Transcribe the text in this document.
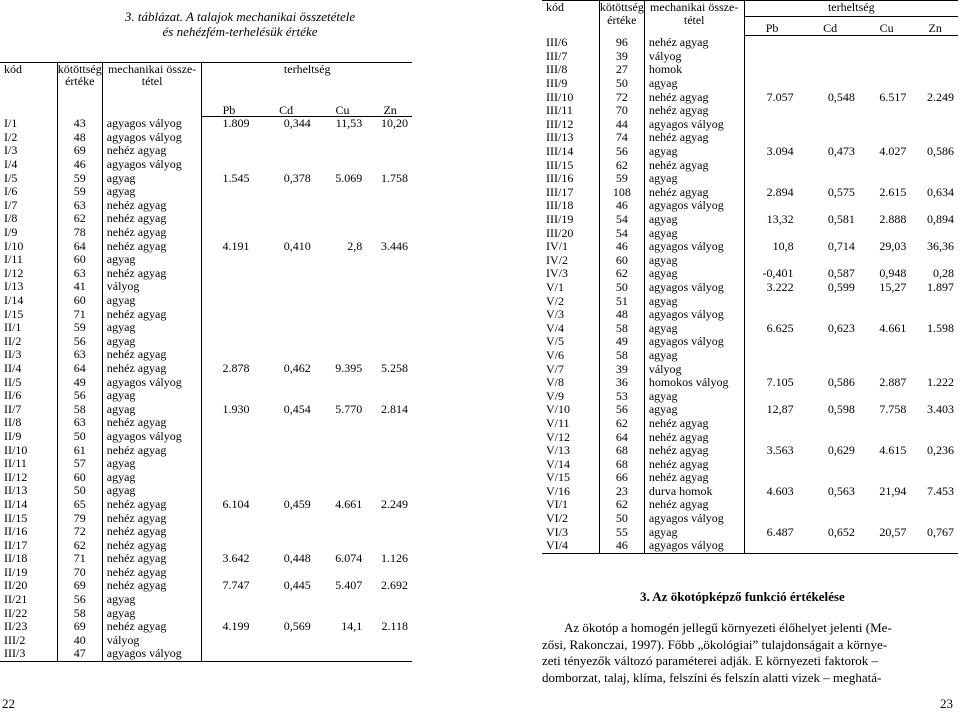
3. táblázat. A talajok mechanikai összetétele
és nehézfém-terhelésük értéke
kód	kötöttség
értéke	mechanikai össze-
tétel	terheltség			
			Pb	Cd	Cu	Zn
I/1	43	agyagos vályog	1.809	0,344	11,53	10,20
I/2	48	agyagos vályog				
I/3	69	nehéz agyag				
I/4	46	agyagos vályog				
I/5	59	agyag	1.545	0,378	5.069	1.758
I/6	59	agyag				
I/7	63	nehéz agyag				
I/8	62	nehéz agyag				
I/9	78	nehéz agyag				
I/10	64	nehéz agyag	4.191	0,410	2,8	3.446
I/11	60	agyag				
I/12	63	nehéz agyag				
I/13	41	vályog				
I/14	60	agyag				
I/15	71	nehéz agyag				
II/1	59	agyag				
II/2	56	agyag				
II/3	63	nehéz agyag				
II/4	64	nehéz agyag	2.878	0,462	9.395	5.258
II/5	49	agyagos vályog				
II/6	56	agyag				
II/7	58	agyag	1.930	0,454	5.770	2.814
II/8	63	nehéz agyag				
II/9	50	agyagos vályog				
II/10	61	nehéz agyag				
II/11	57	agyag				
II/12	60	agyag				
II/13	50	agyag				
II/14	65	nehéz agyag	6.104	0,459	4.661	2.249
II/15	79	nehéz agyag				
II/16	72	nehéz agyag				
II/17	62	nehéz agyag				
II/18	71	nehéz agyag	3.642	0,448	6.074	1.126
II/19	70	nehéz agyag				
II/20	69	nehéz agyag	7.747	0,445	5.407	2.692
II/21	56	agyag				
II/22	58	agyag				
II/23	69	nehéz agyag	4.199	0,569	14,1	2.118
III/2	40	vályog				
III/3	47	agyagos vályog				
22
kód	kötöttség
értéke	mechanikai össze-
tétel	terheltség			
			Pb	Cd	Cu	Zn
III/6	96	nehéz agyag				
III/7	39	vályog				
III/8	27	homok				
III/9	50	agyag				
III/10	72	nehéz agyag	7.057	0,548	6.517	2.249
III/11	70	nehéz agyag				
III/12	44	agyagos vályog				
III/13	74	nehéz agyag				
III/14	56	agyag	3.094	0,473	4.027	0,586
III/15	62	nehéz agyag				
III/16	59	agyag				
III/17	108	nehéz agyag	2.894	0,575	2.615	0,634
III/18	46	agyagos vályog				
III/19	54	agyag	13,32	0,581	2.888	0,894
III/20	54	agyag				
IV/1	46	agyagos vályog	10,8	0,714	29,03	36,36
IV/2	60	agyag				
IV/3	62	agyag	-0,401	0,587	0,948	0,28
V/1	50	agyagos vályog	3.222	0,599	15,27	1.897
V/2	51	agyag				
V/3	48	agyagos vályog				
V/4	58	agyag	6.625	0,623	4.661	1.598
V/5	49	agyagos vályog				
V/6	58	agyag				
V/7	39	vályog				
V/8	36	homokos vályog	7.105	0,586	2.887	1.222
V/9	53	agyag				
V/10	56	agyag	12,87	0,598	7.758	3.403
V/11	62	nehéz agyag				
V/12	64	nehéz agyag				
V/13	68	nehéz agyag	3.563	0,629	4.615	0,236
V/14	68	nehéz agyag				
V/15	66	nehéz agyag				
V/16	23	durva homok	4.603	0,563	21,94	7.453
VI/1	62	nehéz agyag				
VI/2	50	agyagos vályog				
VI/3	55	agyag	6.487	0,652	20,57	0,767
VI/4	46	agyagos vályog				
3. Az ökotópképző funkció értékelése
Az ökotóp a homogén jellegű környezeti élőhelyet jelenti (Me-
zősi, Rakonczai, 1997). Főbb „ökológiai” tulajdonságait a környe-
zeti tényezők változó paraméterei adják. E környezeti faktorok –
domborzat, talaj, klíma, felszíni és felszín alatti vizek – meghatá-
23
